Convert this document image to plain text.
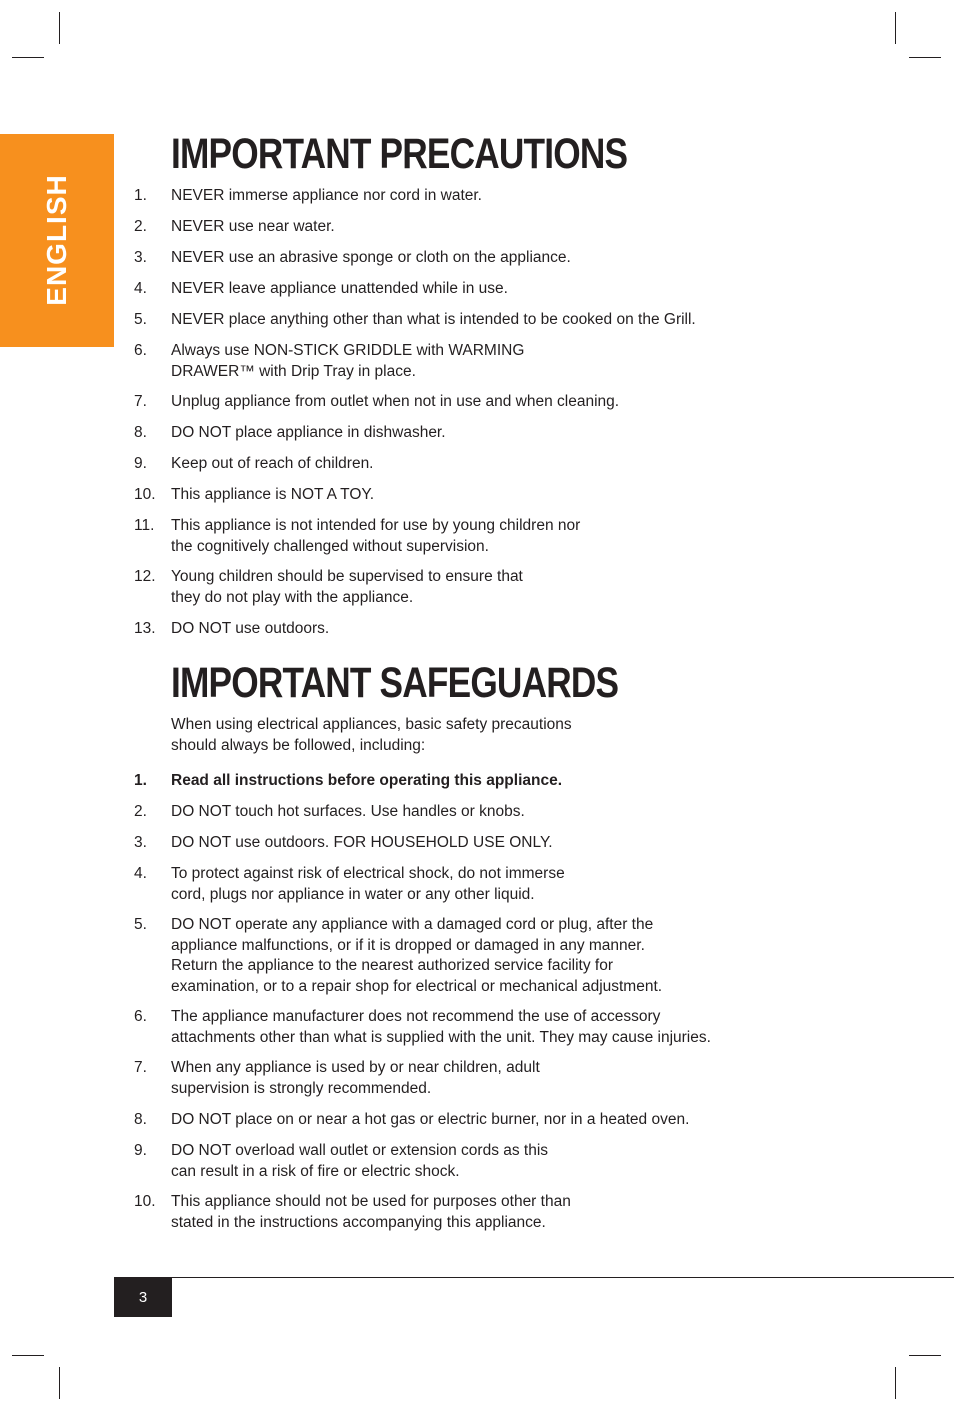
ENGLISH
IMPORTANT PRECAUTIONS
1.	NEVER immerse appliance nor cord in water.
2.	NEVER use near water.
3.	NEVER use an abrasive sponge or cloth on the appliance.
4.	NEVER leave appliance unattended while in use.
5.	NEVER place anything other than what is intended to be cooked on the Grill.
6.	Always use NON-STICK GRIDDLE with WARMING
DRAWER™ with Drip Tray in place.
7.	Unplug appliance from outlet when not in use and when cleaning.
8.	DO NOT place appliance in dishwasher.
9.	Keep out of reach of children.
10. This appliance is NOT A TOY.
11.	This appliance is not intended for use by young children nor
the cognitively challenged without supervision.
12. Young children should be supervised to ensure that
they do not play with the appliance.
13. DO NOT use outdoors.
IMPORTANT SAFEGUARDS
When using electrical appliances, basic safety precautions
should always be followed, including:
1.	Read all instructions before operating this appliance.
2.	DO NOT touch hot surfaces. Use handles or knobs.
3.	DO NOT use outdoors. FOR HOUSEHOLD USE ONLY.
4.	To protect against risk of electrical shock, do not immerse
cord, plugs nor appliance in water or any other liquid.
5.	DO NOT operate any appliance with a damaged cord or plug, after the
appliance malfunctions, or if it is dropped or damaged in any manner.
Return the appliance to the nearest authorized service facility for
examination, or to a repair shop for electrical or mechanical adjustment.
6.	The appliance manufacturer does not recommend the use of accessory
attachments other than what is supplied with the unit. They may cause injuries.
7.	When any appliance is used by or near children, adult
supervision is strongly recommended.
8.	DO NOT place on or near a hot gas or electric burner, nor in a heated oven.
9.	DO NOT overload wall outlet or extension cords as this
can result in a risk of fire or electric shock.
10. This appliance should not be used for purposes other than
stated in the instructions accompanying this appliance.
3
